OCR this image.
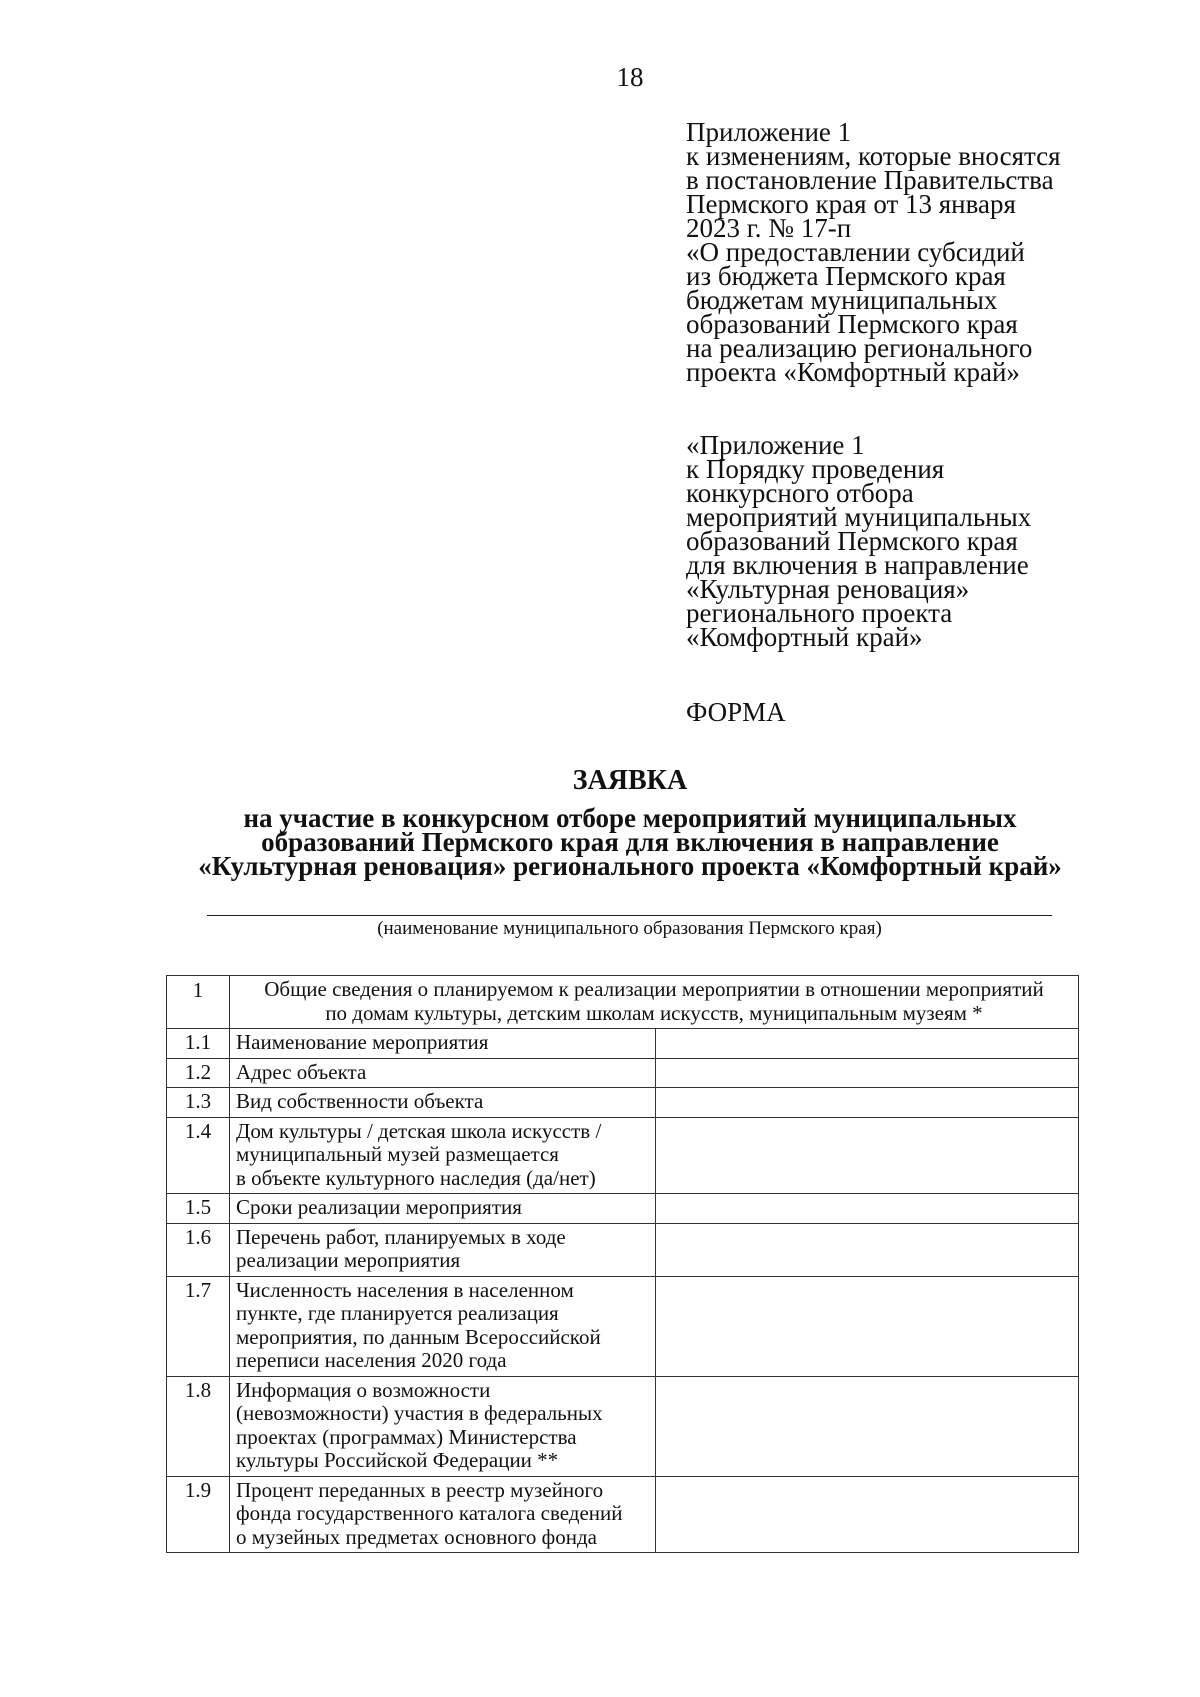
18
Приложение 1
к изменениям, которые вносятся
в постановление Правительства
Пермского края от 13 января
2023 г. № 17-п
«О предоставлении субсидий
из бюджета Пермского края
бюджетам муниципальных
образований Пермского края
на реализацию регионального
проекта «Комфортный край»
«Приложение 1
к Порядку проведения
конкурсного отбора
мероприятий муниципальных
образований Пермского края
для включения в направление
«Культурная реновация»
регионального проекта
«Комфортный край»
ФОРМА
ЗАЯВКА
на участие в конкурсном отборе мероприятий муниципальных
образований Пермского края для включения в направление
«Культурная реновация» регионального проекта «Комфортный край»
(наименование муниципального образования Пермского края)
1	Общие сведения о планируемом к реализации мероприятии в отношении мероприятий
по домам культуры, детским школам искусств, муниципальным музеям *	

1.1	Наименование мероприятия	

1.2	Адрес объекта	

1.3	Вид собственности объекта	

1.4	Дом культуры / детская школа искусств /
муниципальный музей размещается
в объекте культурного наследия (да/нет)	

1.5	Сроки реализации мероприятия	

1.6	Перечень работ, планируемых в ходе
реализации мероприятия	

1.7	Численность населения в населенном
пункте, где планируется реализация
мероприятия, по данным Всероссийской
переписи населения 2020 года	

1.8	Информация о возможности
(невозможности) участия в федеральных
проектах (программах) Министерства
культуры Российской Федерации **	

1.9	Процент переданных в реестр музейного
фонда государственного каталога сведений
о музейных предметах основного фонда	
